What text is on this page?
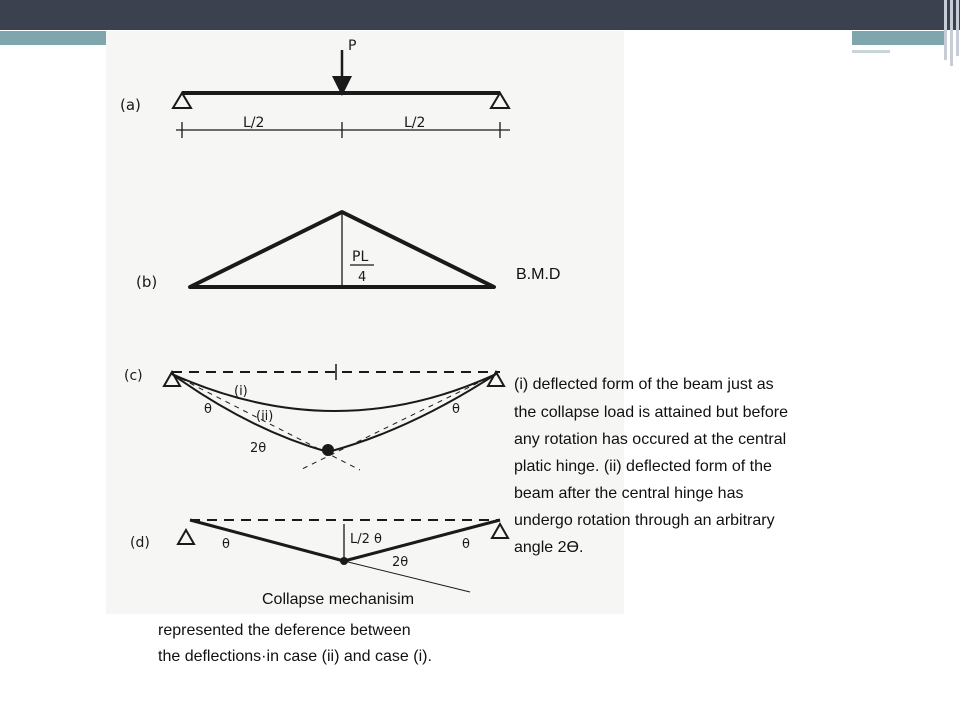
(a)
P
L/2	L/2
(b)
PL
4	B.M.D
(c)
(i)
(ii)
θ	θ
2θ
(d)	L/2 θ
2θ
θ	θ
(i) deflected form of the beam just as
the collapse load is attained but before
any rotation has occured at the central
platic hinge. (ii) deflected form of the
beam after the central hinge has
undergo rotation through an arbitrary
angle 2Ɵ.
Collapse mechanisim
represented the deference between
the deflections·in case (ii) and case (i).
